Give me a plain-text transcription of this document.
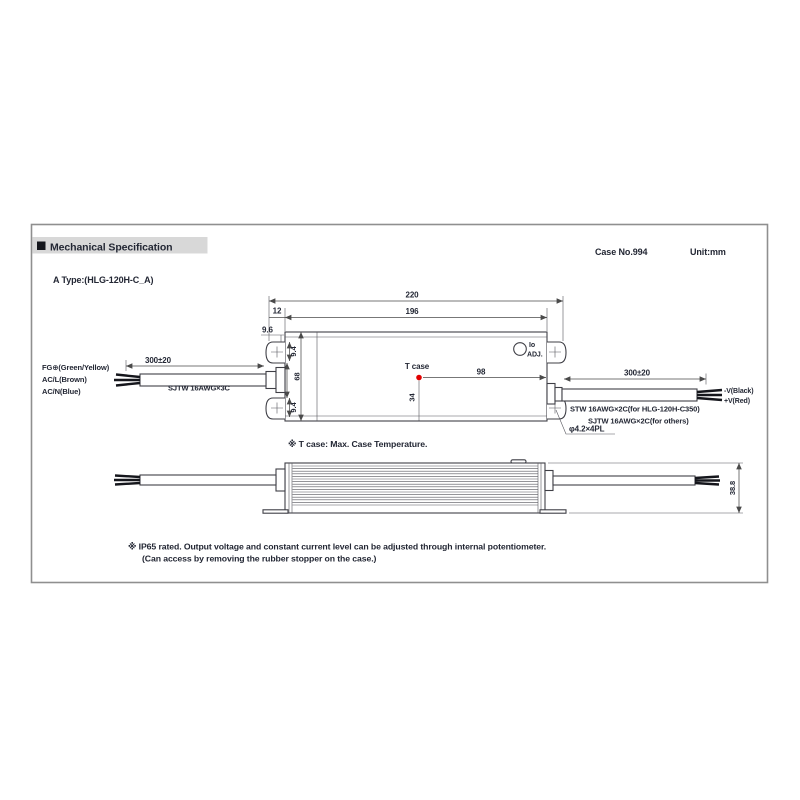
Mechanical Specification	Case No.994	Unit:mm
A Type:(HLG-120H-C_A)
Io
ADJ.
220
196
12
9.6
9.4
68
9.4
T case
98
34
300±20
FG⊕(Green/Yellow)
AC/L(Brown)
AC/N(Blue)	SJTW 16AWG×3C
300±20
-V(Black)
+V(Red)
STW 16AWG×2C(for HLG-120H-C350)
SJTW 16AWG×2C(for others)
φ4.2×4PL
※ T case: Max. Case Temperature.
38.8
※ IP65 rated. Output voltage and constant current level can be adjusted through internal potentiometer.
(Can access by removing the rubber stopper on the case.)
